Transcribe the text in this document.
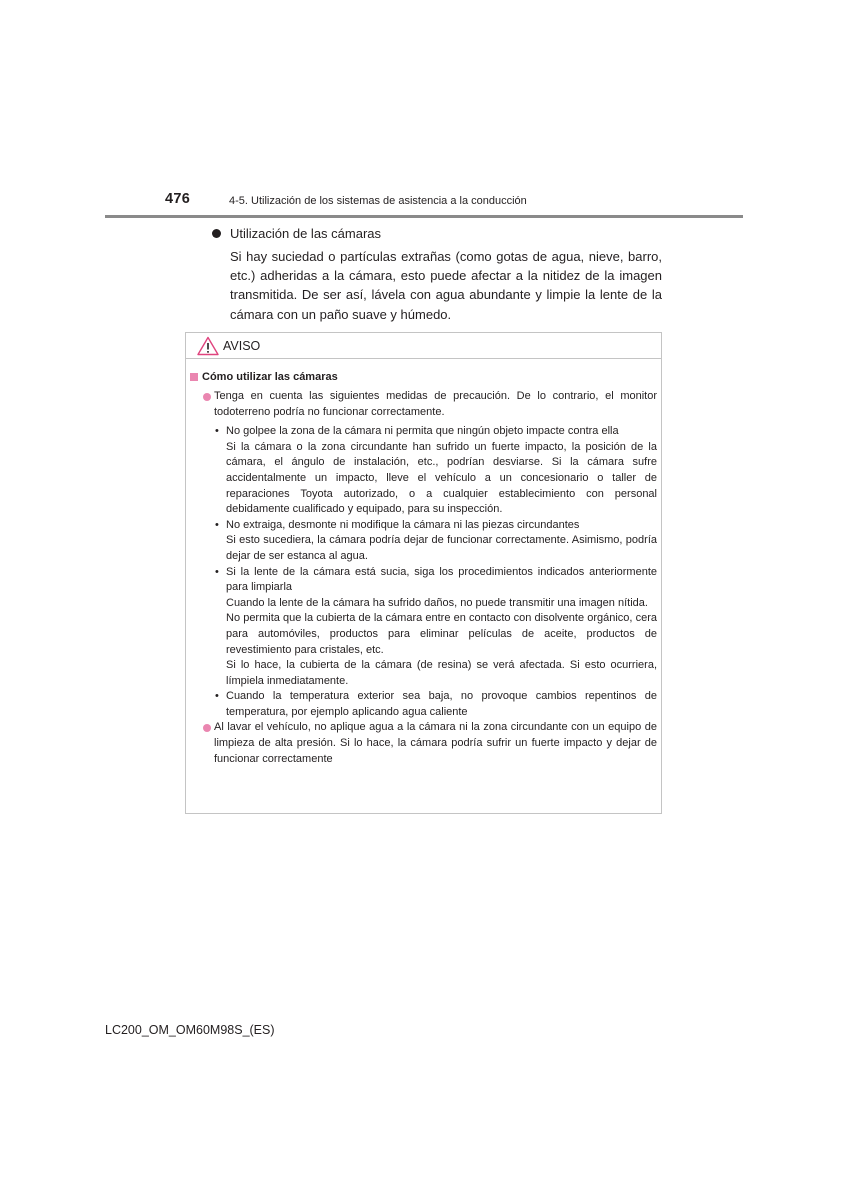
476	4-5. Utilización de los sistemas de asistencia a la conducción
Utilización de las cámaras
Si hay suciedad o partículas extrañas (como gotas de agua, nieve, barro, etc.) adheridas a la cámara, esto puede afectar a la nitidez de la imagen transmitida. De ser así, lávela con agua abundante y limpie la lente de la cámara con un paño suave y húmedo.
AVISO
Cómo utilizar las cámaras

Tenga en cuenta las siguientes medidas de precaución. De lo contrario, el monitor todoterreno podría no funcionar correctamente.

• No golpee la zona de la cámara ni permita que ningún objeto impacte contra ella

Si la cámara o la zona circundante han sufrido un fuerte impacto, la posición de la cámara, el ángulo de instalación, etc., podrían desviarse. Si la cámara sufre accidentalmente un impacto, lleve el vehículo a un concesionario o taller de reparaciones Toyota autorizado, o a cualquier establecimiento con personal debidamente cualificado y equipado, para su inspección.

• No extraiga, desmonte ni modifique la cámara ni las piezas circundantes

Si esto sucediera, la cámara podría dejar de funcionar correctamente. Asimismo, podría dejar de ser estanca al agua.

• Si la lente de la cámara está sucia, siga los procedimientos indicados anteriormente para limpiarla

Cuando la lente de la cámara ha sufrido daños, no puede transmitir una imagen nítida.

No permita que la cubierta de la cámara entre en contacto con disolvente orgánico, cera para automóviles, productos para eliminar películas de aceite, productos de revestimiento para cristales, etc.

Si lo hace, la cubierta de la cámara (de resina) se verá afectada. Si esto ocurriera, límpiela inmediatamente.

• Cuando la temperatura exterior sea baja, no provoque cambios repentinos de temperatura, por ejemplo aplicando agua caliente

Al lavar el vehículo, no aplique agua a la cámara ni la zona circundante con un equipo de limpieza de alta presión. Si lo hace, la cámara podría sufrir un fuerte impacto y dejar de funcionar correctamente

LC200_OM_OM60M98S_(ES)
